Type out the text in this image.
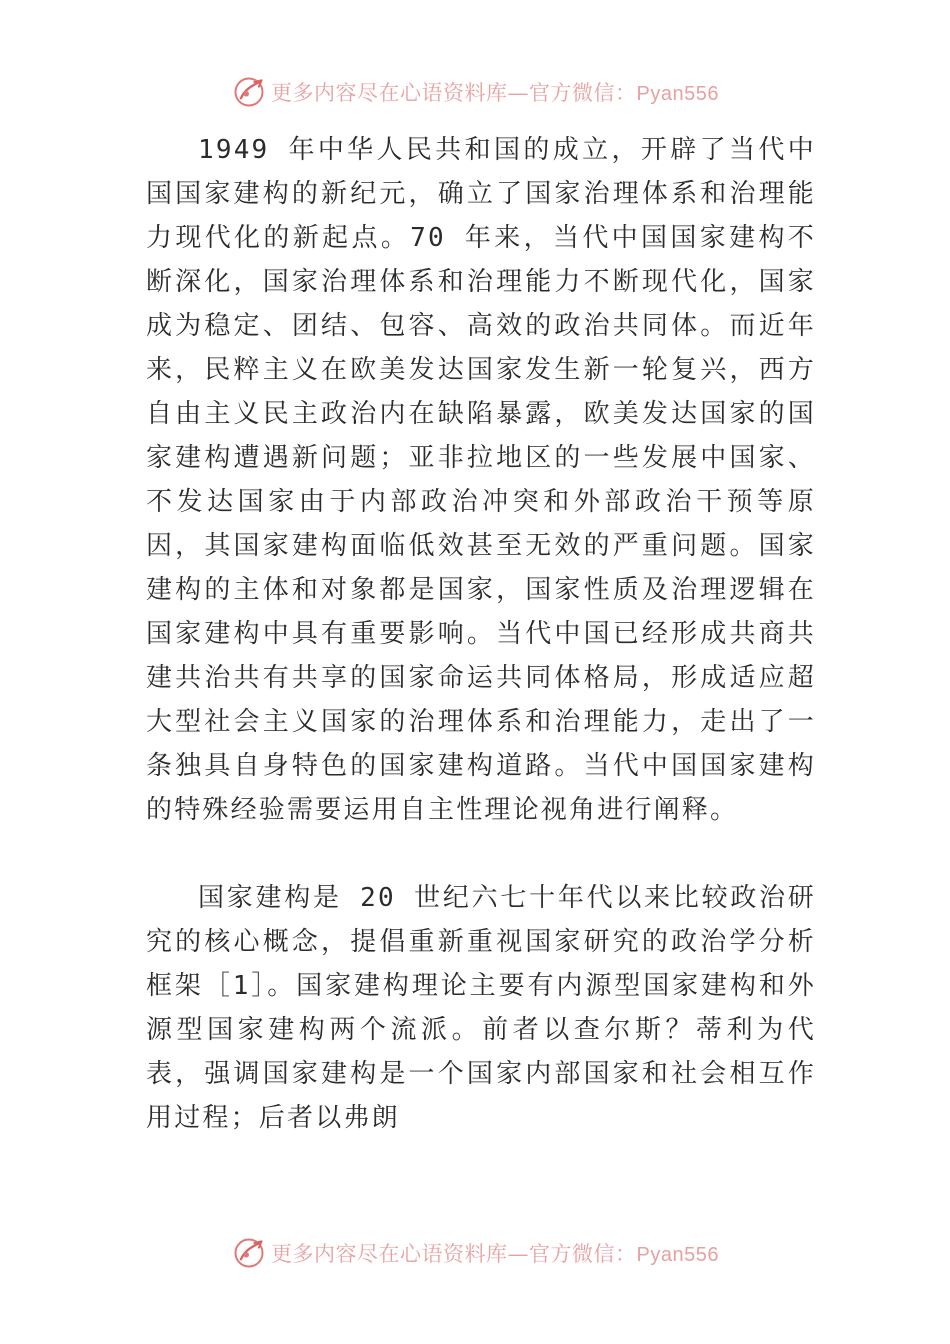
更多内容尽在心语资料库—官方微信：Pyan556

1949 年中华人民共和国的成立，开辟了当代中国国家建构的新纪元，确立了国家治理体系和治理能力现代化的新起点。70 年来，当代中国国家建构不断深化，国家治理体系和治理能力不断现代化，国家成为稳定、团结、包容、高效的政治共同体。而近年来，民粹主义在欧美发达国家发生新一轮复兴，西方自由主义民主政治内在缺陷暴露，欧美发达国家的国家建构遭遇新问题；亚非拉地区的一些发展中国家、不发达国家由于内部政治冲突和外部政治干预等原因，其国家建构面临低效甚至无效的严重问题。国家建构的主体和对象都是国家，国家性质及治理逻辑在国家建构中具有重要影响。当代中国已经形成共商共建共治共有共享的国家命运共同体格局，形成适应超大型社会主义国家的治理体系和治理能力，走出了一条独具自身特色的国家建构道路。当代中国国家建构的特殊经验需要运用自主性理论视角进行阐释。

国家建构是 20 世纪六七十年代以来比较政治研究的核心概念，提倡重新重视国家研究的政治学分析框架［1］。国家建构理论主要有内源型国家建构和外源型国家建构两个流派。前者以查尔斯？蒂利为代表，强调国家建构是一个国家内部国家和社会相互作用过程；后者以弗朗

更多内容尽在心语资料库—官方微信：Pyan556
